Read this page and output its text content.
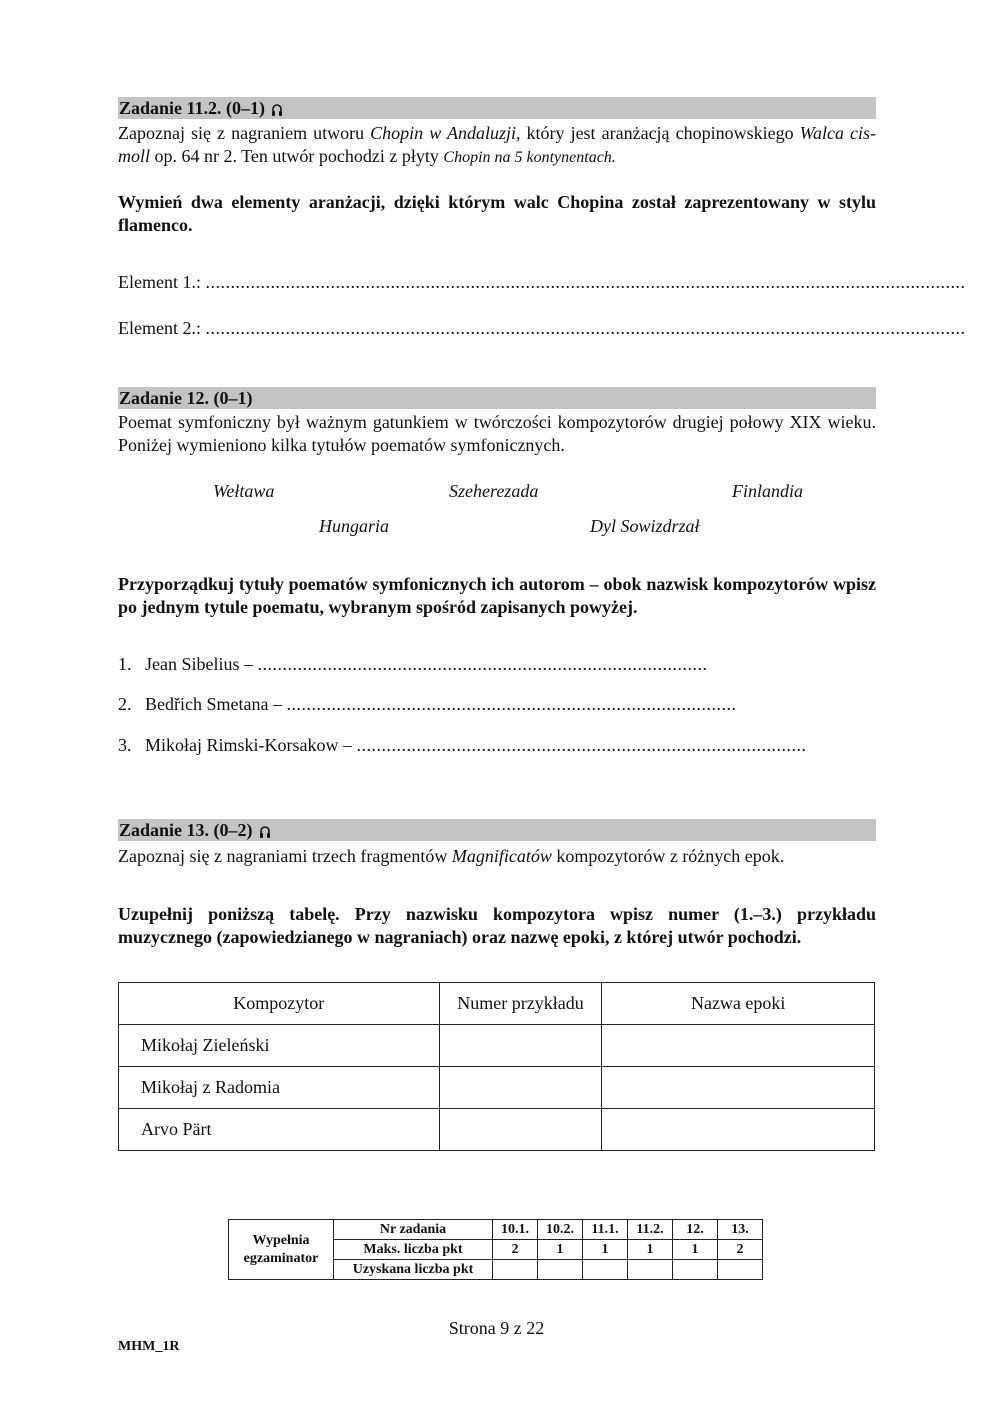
Zadanie 11.2. (0–1)
Zapoznaj się z nagraniem utworu Chopin w Andaluzji, który jest aranżacją chopinowskiego Walca cis-moll op. 64 nr 2. Ten utwór pochodzi z płyty Chopin na 5 kontynentach.
Wymień dwa elementy aranżacji, dzięki którym walc Chopina został zaprezentowany w stylu flamenco.
Element 1.: ........................................................................................................................................................
Element 2.: ........................................................................................................................................................
Zadanie 12. (0–1)
Poemat symfoniczny był ważnym gatunkiem w twórczości kompozytorów drugiej połowy XIX wieku. Poniżej wymieniono kilka tytułów poematów symfonicznych.
Wełtawa	Szeherezada	Finlandia
Hungaria	Dyl Sowizdrzał
Przyporządkuj tytuły poematów symfonicznych ich autorom – obok nazwisk kompozytorów wpisz po jednym tytule poematu, wybranym spośród zapisanych powyżej.
1.   Jean Sibelius – ..........................................................................................
2.   Bedřich Smetana – ..........................................................................................
3.   Mikołaj Rimski-Korsakow – ..........................................................................................
Zadanie 13. (0–2)
Zapoznaj się z nagraniami trzech fragmentów Magnificatów kompozytorów z różnych epok.
Uzupełnij poniższą tabelę. Przy nazwisku kompozytora wpisz numer (1.–3.) przykładu muzycznego (zapowiedzianego w nagraniach) oraz nazwę epoki, z której utwór pochodzi.
Kompozytor	Numer przykładu	Nazwa epoki
Mikołaj Zieleński		
Mikołaj z Radomia		
Arvo Pärt		
Wypełnia egzaminator	Nr zadania	10.1.	10.2.	11.1.	11.2.	12.	13.
	Maks. liczba pkt	2	1	1	1	1	2
	Uzyskana liczba pkt						
Strona 9 z 22
MHM_1R
